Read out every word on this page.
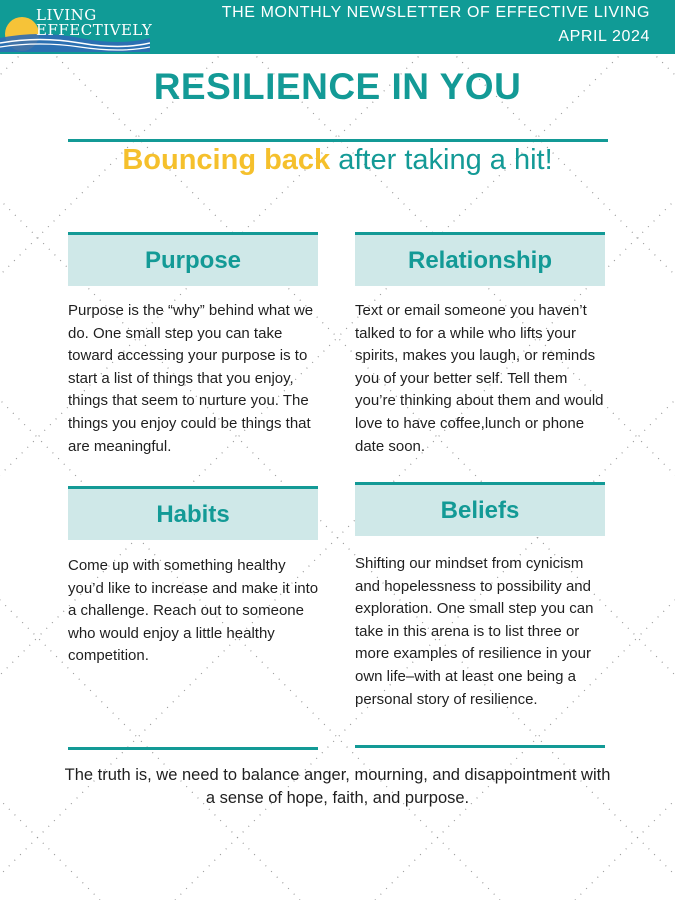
LIVING
EFFECTIVELY
THE MONTHLY NEWSLETTER OF EFFECTIVE LIVING
APRIL 2024
RESILIENCE IN YOU
Bouncing back after taking a hit!
Purpose
Purpose is the “why” behind what we do. One small step you can take toward accessing your purpose is to start a list of things that you enjoy, things that seem to nurture you. The things you enjoy could be things that are meaningful.
Relationship
Text or email someone you haven’t talked to for a while who lifts your spirits, makes you laugh, or reminds you of your better self. Tell them you’re thinking about them and would love to have coffee,lunch or phone date soon.
Habits
Come up with something healthy you’d like to increase and make it into a challenge. Reach out to someone who would enjoy a little healthy competition.
Beliefs
Shifting our mindset from cynicism and hopelessness to possibility and exploration. One small step you can take in this arena is to list three or more examples of resilience in your own life–with at least one being a personal story of resilience.
The truth is, we need to balance anger, mourning, and disappointment with a sense of hope, faith, and purpose.
